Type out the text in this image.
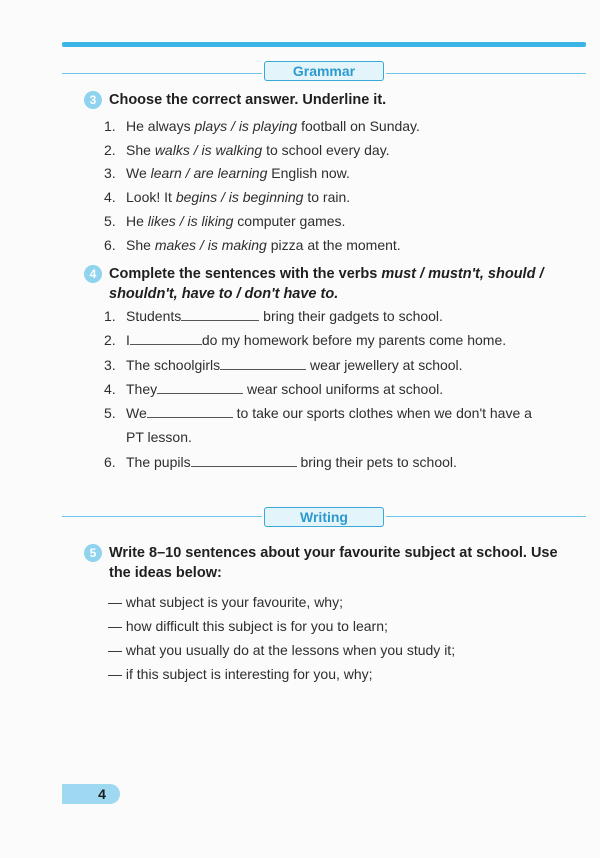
Grammar
3 Choose the correct answer. Underline it.
1. He always plays / is playing football on Sunday.
2. She walks / is walking to school every day.
3. We learn / are learning English now.
4. Look! It begins / is beginning to rain.
5. He likes / is liking computer games.
6. She makes / is making pizza at the moment.
4 Complete the sentences with the verbs must / mustn't, should /
shouldn't, have to / don't have to.
1. Students	bring their gadgets to school.
2. I	do my homework before my parents come home.
3. The schoolgirls	wear jewellery at school.
4. They	wear school uniforms at school.
5. We	to take our sports clothes when we don't have a
PT lesson.
6. The pupils	bring their pets to school.
Writing
5 Write 8–10 sentences about your favourite subject at school. Use
the ideas below:
— what subject is your favourite, why;
— how difficult this subject is for you to learn;
— what you usually do at the lessons when you study it;
— if this subject is interesting for you, why;
4
